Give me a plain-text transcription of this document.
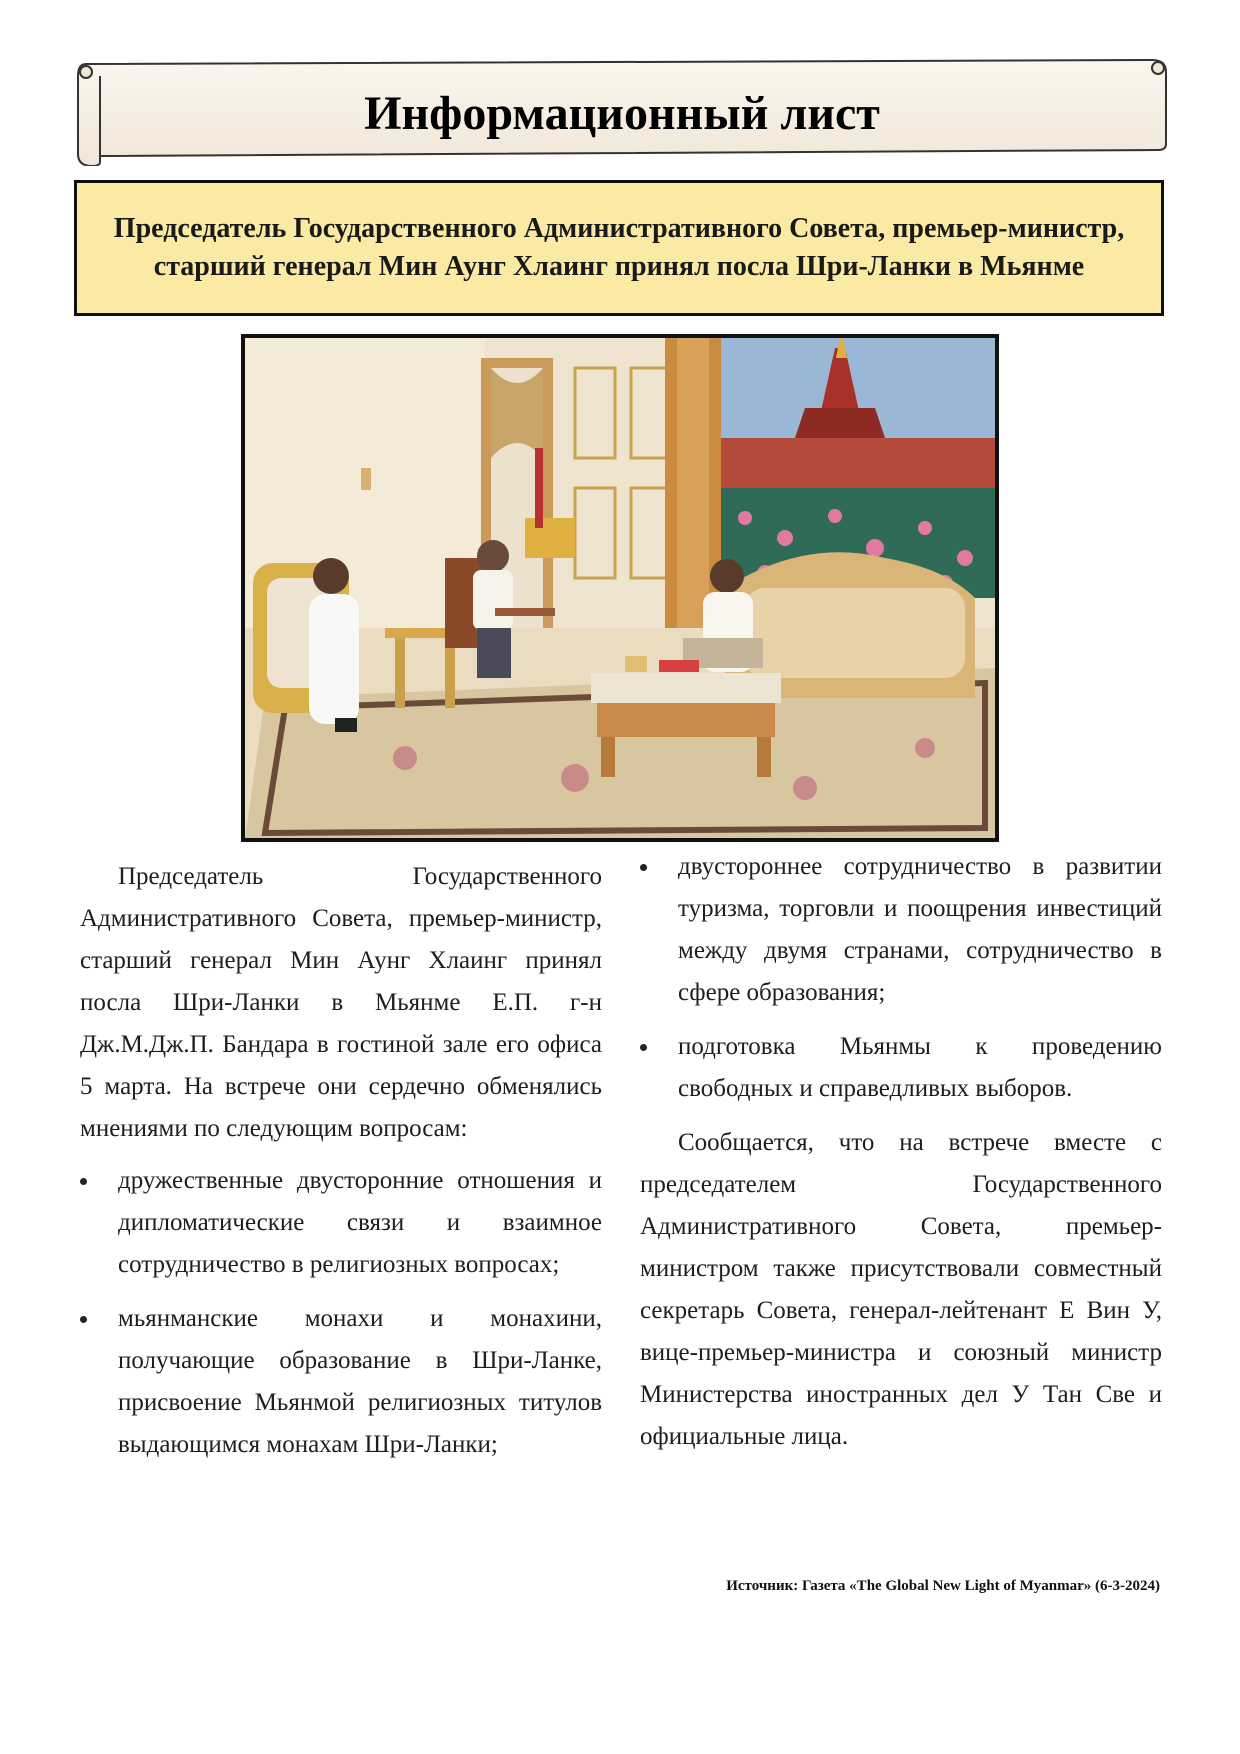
Информационный лист
Председатель Государственного Административного Совета, премьер-министр, старший генерал Мин Аунг Хлаинг принял посла Шри-Ланки в Мьянме

Председатель Государственного Административного Совета, премьер-министр, старший генерал Мин Аунг Хлаинг принял посла Шри-Ланки в Мьянме Е.П. г-н Дж.М.Дж.П. Бандара в гостиной зале его офиса 5 марта. На встрече они сердечно обменялись мнениями по следующим вопросам:

дружественные двусторонние отношения и дипломатические связи и взаимное сотрудничество в религиозных вопросах;
мьянманские монахи и монахини, получающие образование в Шри-Ланке, присвоение Мьянмой религиозных титулов выдающимся монахам Шри-Ланки;
двустороннее сотрудничество в развитии туризма, торговли и поощрения инвестиций между двумя странами, сотрудничество в сфере образования;
подготовка Мьянмы к проведению свободных и справедливых выборов.

Сообщается, что на встрече вместе с председателем Государственного Административного Совета, премьер-министром также присутствовали совместный секретарь Совета, генерал-лейтенант Е Вин У, вице-премьер-министра и союзный министр Министерства иностранных дел У Тан Све и официальные лица.

Источник: Газета «The Global New Light of Myanmar» (6-3-2024)
